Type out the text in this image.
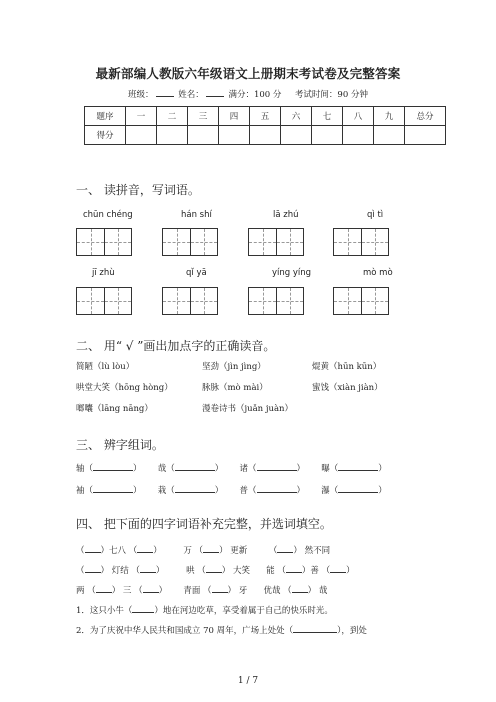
最新部编人教版六年级语文上册期末考试卷及完整答案
班级：	姓名：	满分：100 分 考试时间：90 分钟
题序	一	二	三	四	五	六	七	八	九	总分
得分										
一、 读拼音，写词语。
chūn chéng	hán shí	lā zhú	qì tì
jī zhù	qǐ yā	yíng yíng	mò mò
二、 用“ √ ”画出加点字的正确读音。
简陋（lù lòu）	坚劲（jìn jìng）	焜黄（hūn kūn）
哄堂大笑（hōng hòng）	脉脉（mò mài）	蜜饯（xiàn jiàn）
啷囔（lāng nāng）	漫卷诗书（juǎn juàn）
三、 辨字组词。
轴（	） 哉（	） 诸（	） 曝（	）
袖（	） 栽（	） 普（	） 瀑（	）
四、 把下面的四字词语补充完整，并选词填空。
（ ）七八 （ ）	万 （ ） 更新	（ ） 然不同
（ ） 灯结 （ ）	哄 （ ） 大笑 能 （ ）善 （ ）
两 （ ） 三 （ ） 青面 （ ） 牙 优哉 （ ） 哉
1．这只小牛（	）地在河边吃草，享受着属于自己的快乐时光。
2．为了庆祝中华人民共和国成立 70 周年，广场上处处（	），到处
1 / 7
